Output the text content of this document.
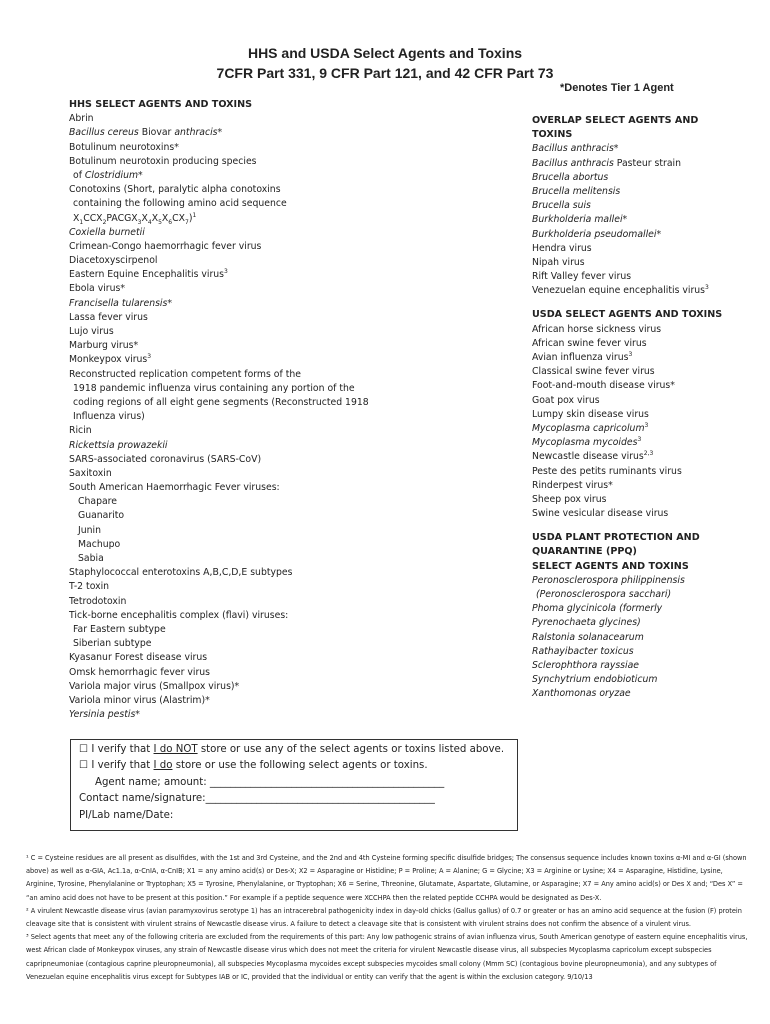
HHS and USDA Select Agents and Toxins
7CFR Part 331, 9 CFR Part 121, and 42 CFR Part 73
*Denotes Tier 1 Agent
HHS SELECT AGENTS AND TOXINS
Abrin
Bacillus cereus Biovar anthracis*
Botulinum neurotoxins*
Botulinum neurotoxin producing species
of Clostridium*
Conotoxins (Short, paralytic alpha conotoxins
containing the following amino acid sequence
$X_1CCX_2PACGX_3X_4X_5X_6CX_7)^1$
Coxiella burnetii
Crimean-Congo haemorrhagic fever virus
Diacetoxyscirpenol
Eastern Equine Encephalitis virus$^3$
Ebola virus*
Francisella tularensis*
Lassa fever virus
Lujo virus
Marburg virus*
Monkeypox virus$^3$
Reconstructed replication competent forms of the
1918 pandemic influenza virus containing any portion of the
coding regions of all eight gene segments (Reconstructed 1918
Influenza virus)
Ricin
Rickettsia prowazekii
SARS-associated coronavirus (SARS-CoV)
Saxitoxin
South American Haemorrhagic Fever viruses:
Chapare
Guanarito
Junin
Machupo
Sabia
Staphylococcal enterotoxins A,B,C,D,E subtypes
T-2 toxin
Tetrodotoxin
Tick-borne encephalitis complex (flavi) viruses:
Far Eastern subtype
Siberian subtype
Kyasanur Forest disease virus
Omsk hemorrhagic fever virus
Variola major virus (Smallpox virus)*
Variola minor virus (Alastrim)*
Yersinia pestis*
OVERLAP SELECT AGENTS AND
TOXINS
Bacillus anthracis*
Bacillus anthracis Pasteur strain
Brucella abortus
Brucella melitensis
Brucella suis
Burkholderia mallei*
Burkholderia pseudomallei*
Hendra virus
Nipah virus
Rift Valley fever virus
Venezuelan equine encephalitis virus$^3$
USDA SELECT AGENTS AND TOXINS
African horse sickness virus
African swine fever virus
Avian influenza virus$^3$
Classical swine fever virus
Foot-and-mouth disease virus*
Goat pox virus
Lumpy skin disease virus
Mycoplasma capricolum$^3$
Mycoplasma mycoides$^3$
Newcastle disease virus$^{2,3}$
Peste des petits ruminants virus
Rinderpest virus*
Sheep pox virus
Swine vesicular disease virus
USDA PLANT PROTECTION AND
QUARANTINE (PPQ)
SELECT AGENTS AND TOXINS
Peronosclerospora philippinensis
(Peronosclerospora sacchari)
Phoma glycinicola (formerly
Pyrenochaeta glycines)
Ralstonia solanacearum
Rathayibacter toxicus
Sclerophthora rayssiae
Synchytrium endobioticum
Xanthomonas oryzae
☐ I verify that I do NOT store or use any of the select agents or toxins listed above.
☐ I verify that I do store or use the following select agents or toxins.
Agent name; amount: ______________________________________________
Contact name/signature:_____________________________________________
PI/Lab name/Date:

¹ C = Cysteine residues are all present as disulfides, with the 1st and 3rd Cysteine, and the 2nd and 4th Cysteine forming specific disulfide bridges; The consensus sequence includes known toxins α-MI and α-GI (shown above) as well as α-GIA, Ac1.1a, α-CnIA, α-CnIB; X1 = any amino acid(s) or Des-X; X2 = Asparagine or Histidine; P = Proline; A = Alanine; G = Glycine; X3 = Arginine or Lysine; X4 = Asparagine, Histidine, Lysine, Arginine, Tyrosine, Phenylalanine or Tryptophan; X5 = Tyrosine, Phenylalanine, or Tryptophan; X6 = Serine, Threonine, Glutamate, Aspartate, Glutamine, or Asparagine; X7 = Any amino acid(s) or Des X and; “Des X” = “an amino acid does not have to be present at this position.” For example if a peptide sequence were XCCHPA then the related peptide CCHPA would be designated as Des-X.

² A virulent Newcastle disease virus (avian paramyxovirus serotype 1) has an intracerebral pathogenicity index in day-old chicks (Gallus gallus) of 0.7 or greater or has an amino acid sequence at the fusion (F) protein cleavage site that is consistent with virulent strains of Newcastle disease virus. A failure to detect a cleavage site that is consistent with virulent strains does not confirm the absence of a virulent virus.

³ Select agents that meet any of the following criteria are excluded from the requirements of this part: Any low pathogenic strains of avian influenza virus, South American genotype of eastern equine encephalitis virus, west African clade of Monkeypox viruses, any strain of Newcastle disease virus which does not meet the criteria for virulent Newcastle disease virus, all subspecies Mycoplasma capricolum except subspecies capripneumoniae (contagious caprine pleuropneumonia), all subspecies Mycoplasma mycoides except subspecies mycoides small colony (Mmm SC) (contagious bovine pleuropneumonia), and any subtypes of Venezuelan equine encephalitis virus except for Subtypes IAB or IC, provided that the individual or entity can verify that the agent is within the exclusion category. 9/10/13
